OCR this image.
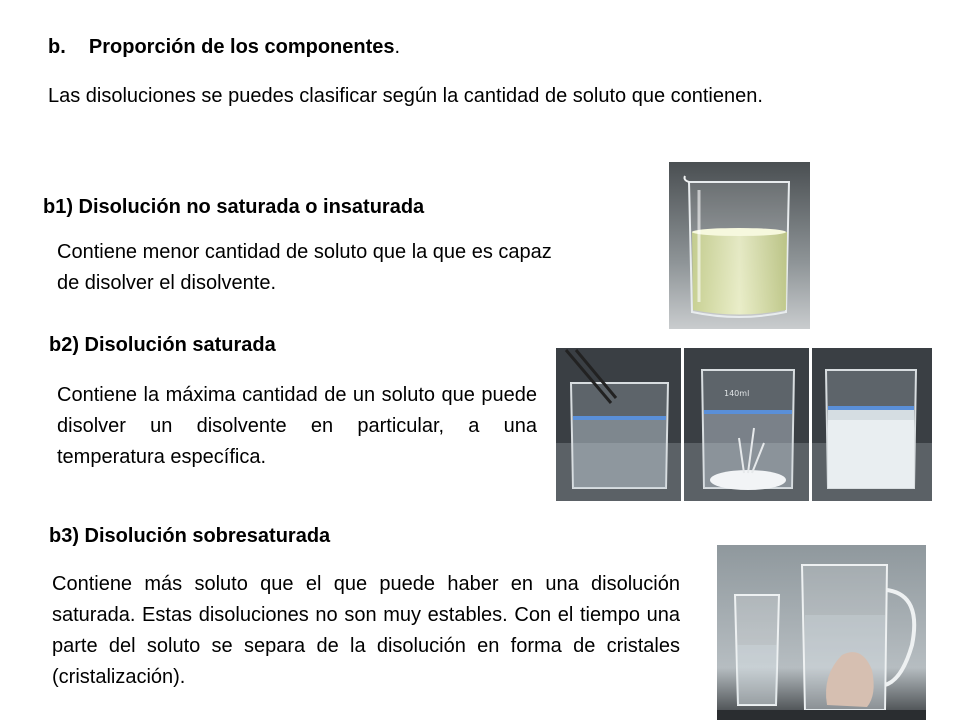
b. Proporción de los componentes.
Las disoluciones se puedes clasificar según la cantidad de soluto que contienen.
b1) Disolución no saturada o insaturada
Contiene menor cantidad de soluto que la que es capaz de disolver el disolvente.
b2) Disolución saturada
Contiene la máxima cantidad de un soluto que puede disolver un disolvente en particular, a una temperatura específica.
140ml
b3) Disolución sobresaturada
Contiene más soluto que el que puede haber en una disolución saturada. Estas disoluciones no son muy estables. Con el tiempo una parte del soluto se separa de la disolución en forma de cristales (cristalización).
